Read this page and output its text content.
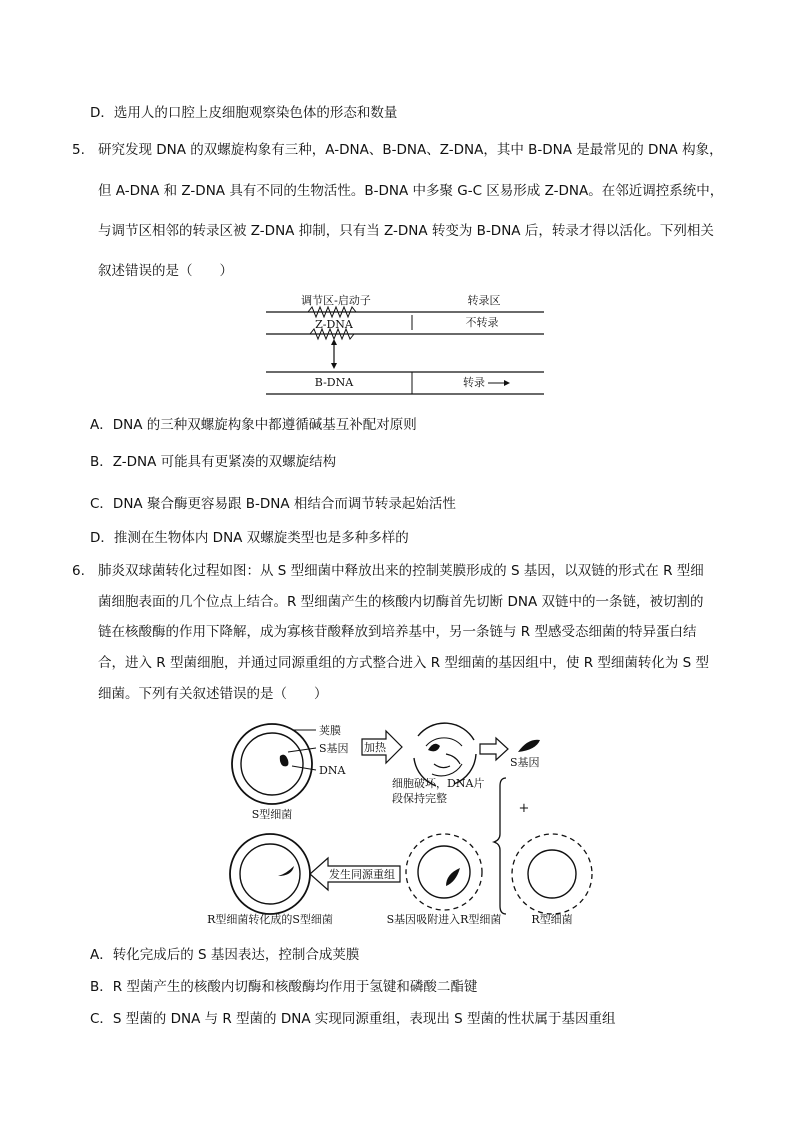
D．选用人的口腔上皮细胞观察染色体的形态和数量
5. 研究发现 DNA 的双螺旋构象有三种，A-DNA、B-DNA、Z-DNA，其中 B-DNA 是最常见的 DNA 构象，
但 A-DNA 和 Z-DNA 具有不同的生物活性。B-DNA 中多聚 G-C 区易形成 Z-DNA。在邻近调控系统中，
与调节区相邻的转录区被 Z-DNA 抑制，只有当 Z-DNA 转变为 B-DNA 后，转录才得以活化。下列相关
叙述错误的是（　　）
调节区-启动子	转录区
Z-DNA	不转录
B-DNA	转录
A．DNA 的三种双螺旋构象中都遵循碱基互补配对原则
B．Z-DNA 可能具有更紧凑的双螺旋结构
C．DNA 聚合酶更容易跟 B-DNA 相结合而调节转录起始活性
D．推测在生物体内 DNA 双螺旋类型也是多种多样的
6. 肺炎双球菌转化过程如图：从 S 型细菌中释放出来的控制荚膜形成的 S 基因，以双链的形式在 R 型细
菌细胞表面的几个位点上结合。R 型细菌产生的核酸内切酶首先切断 DNA 双链中的一条链，被切割的
链在核酸酶的作用下降解，成为寡核苷酸释放到培养基中，另一条链与 R 型感受态细菌的特异蛋白结
合，进入 R 型菌细胞，并通过同源重组的方式整合进入 R 型细菌的基因组中，使 R 型细菌转化为 S 型
细菌。下列有关叙述错误的是（　　）
荚膜
S基因
DNA
S型细菌
加热
细胞破坏，DNA片
段保持完整
S基因
+
R型细菌
S基因吸附进入R型细菌
发生同源重组
R型细菌转化成的S型细菌
A．转化完成后的 S 基因表达，控制合成荚膜
B．R 型菌产生的核酸内切酶和核酸酶均作用于氢键和磷酸二酯键
C．S 型菌的 DNA 与 R 型菌的 DNA 实现同源重组，表现出 S 型菌的性状属于基因重组
